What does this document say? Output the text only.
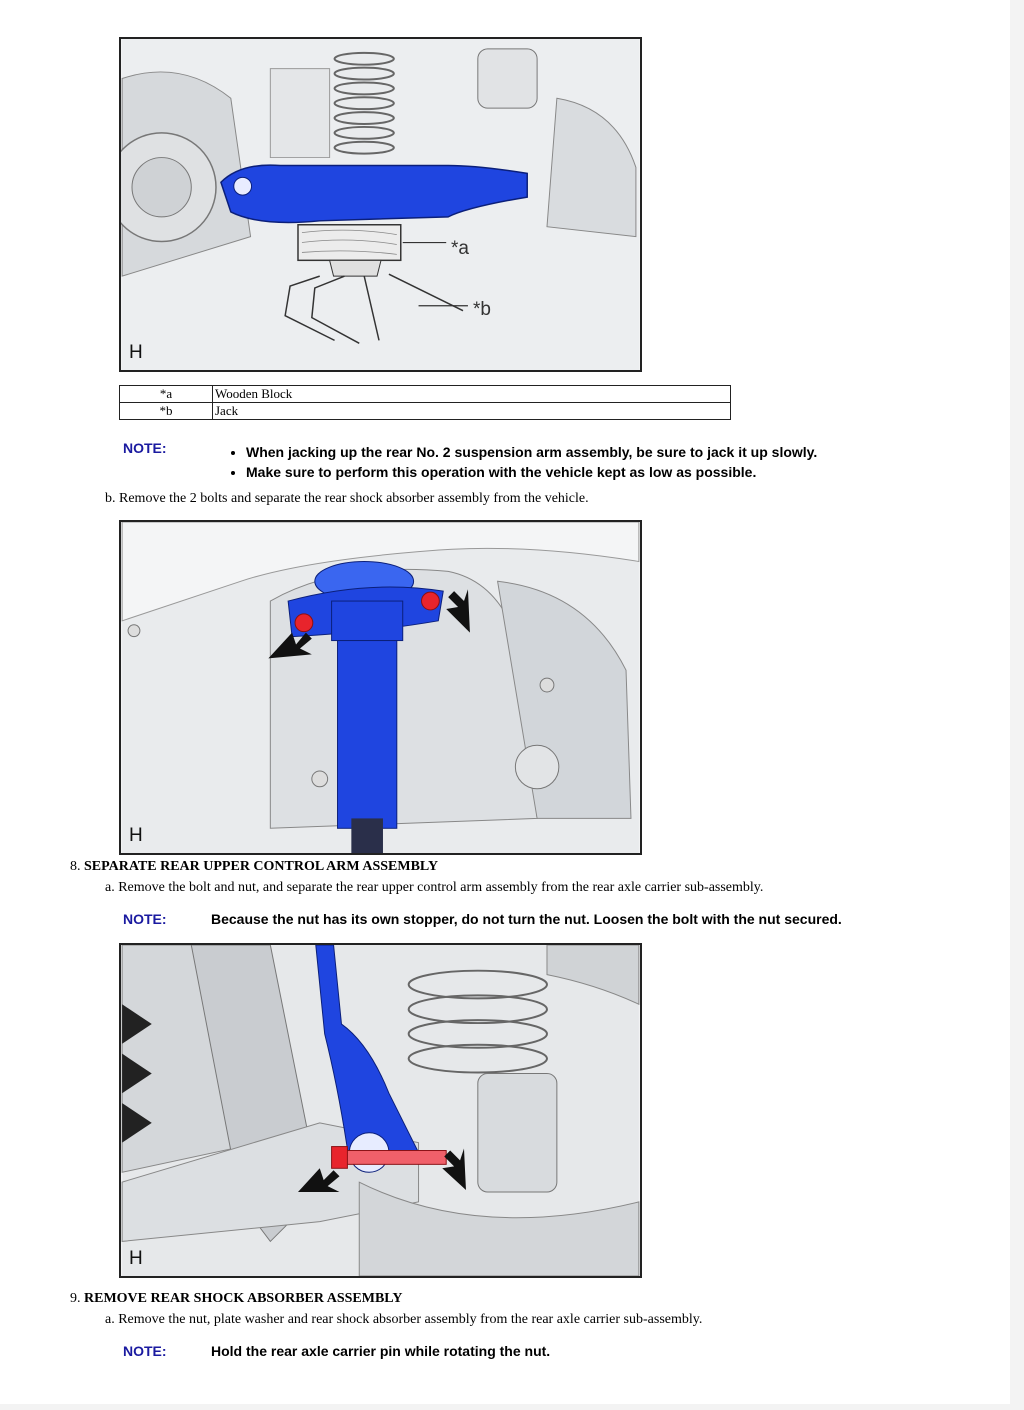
*a
*b
H
*a	Wooden Block
*b	Jack
NOTE:	• When jacking up the rear No. 2 suspension arm assembly, be sure to jack it up slowly.
• Make sure to perform this operation with the vehicle kept as low as possible.
b. Remove the 2 bolts and separate the rear shock absorber assembly from the vehicle.
H
8. SEPARATE REAR UPPER CONTROL ARM ASSEMBLY
a. Remove the bolt and nut, and separate the rear upper control arm assembly from the rear axle carrier sub-assembly.
NOTE:	Because the nut has its own stopper, do not turn the nut. Loosen the bolt with the nut secured.
H
9. REMOVE REAR SHOCK ABSORBER ASSEMBLY
a. Remove the nut, plate washer and rear shock absorber assembly from the rear axle carrier sub-assembly.
NOTE:	Hold the rear axle carrier pin while rotating the nut.
